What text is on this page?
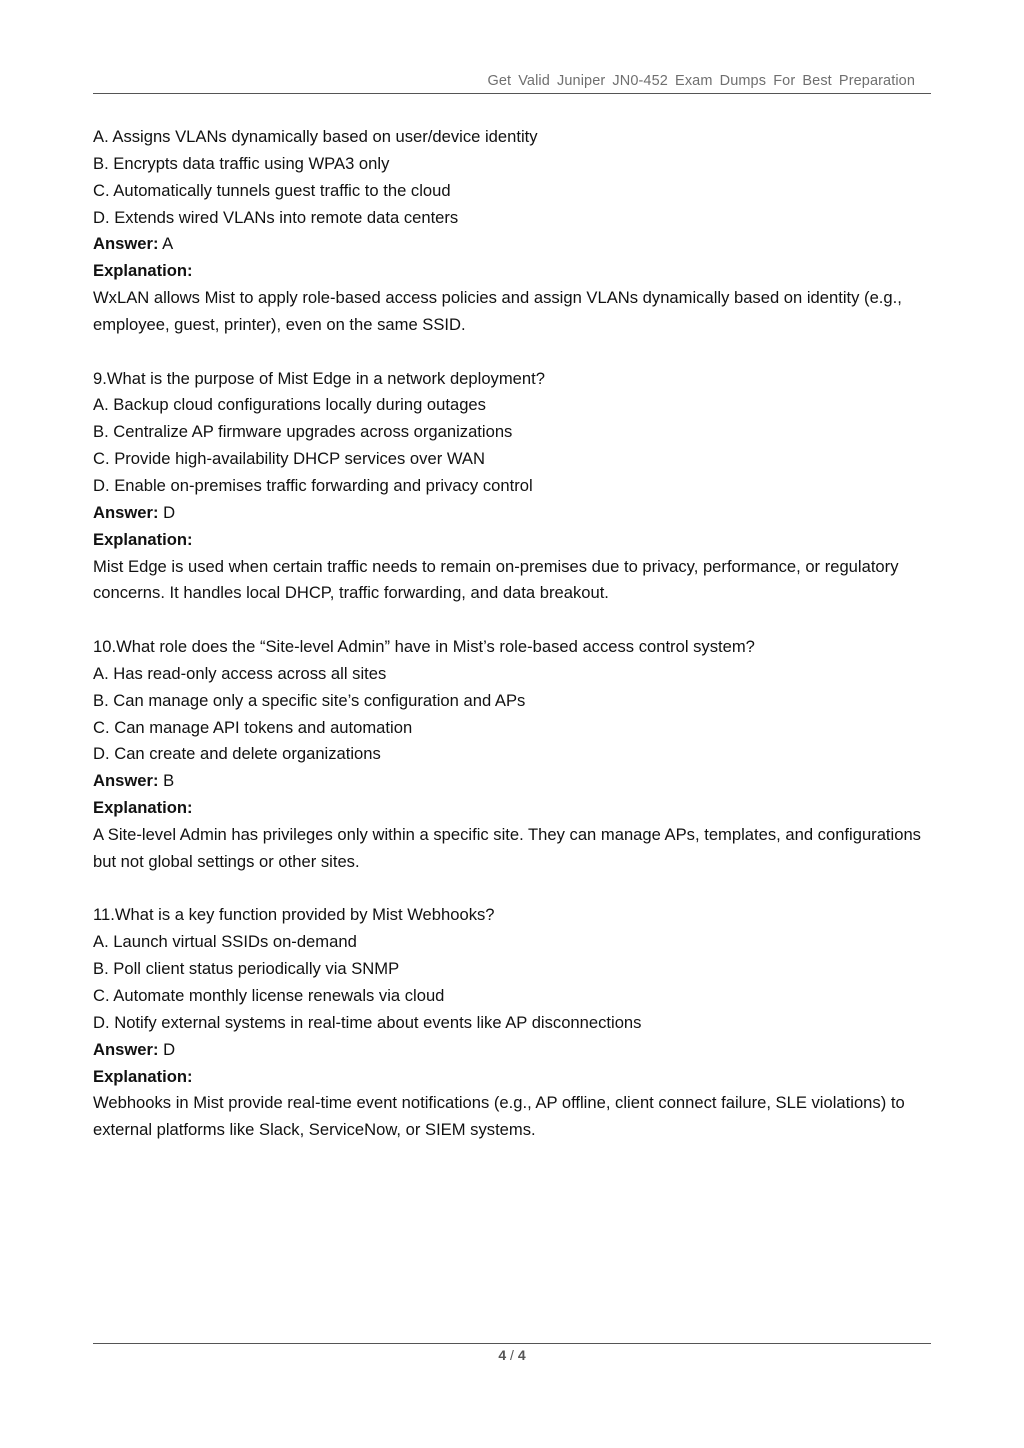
Get Valid Juniper JN0-452 Exam Dumps For Best Preparation
A. Assigns VLANs dynamically based on user/device identity
B. Encrypts data traffic using WPA3 only
C. Automatically tunnels guest traffic to the cloud
D. Extends wired VLANs into remote data centers
Answer: A
Explanation:
WxLAN allows Mist to apply role-based access policies and assign VLANs dynamically based on identity (e.g., employee, guest, printer), even on the same SSID.
9.What is the purpose of Mist Edge in a network deployment?
A. Backup cloud configurations locally during outages
B. Centralize AP firmware upgrades across organizations
C. Provide high-availability DHCP services over WAN
D. Enable on-premises traffic forwarding and privacy control
Answer: D
Explanation:
Mist Edge is used when certain traffic needs to remain on-premises due to privacy, performance, or regulatory concerns. It handles local DHCP, traffic forwarding, and data breakout.
10.What role does the “Site-level Admin” have in Mist’s role-based access control system?
A. Has read-only access across all sites
B. Can manage only a specific site’s configuration and APs
C. Can manage API tokens and automation
D. Can create and delete organizations
Answer: B
Explanation:
A Site-level Admin has privileges only within a specific site. They can manage APs, templates, and configurations but not global settings or other sites.
11.What is a key function provided by Mist Webhooks?
A. Launch virtual SSIDs on-demand
B. Poll client status periodically via SNMP
C. Automate monthly license renewals via cloud
D. Notify external systems in real-time about events like AP disconnections
Answer: D
Explanation:
Webhooks in Mist provide real-time event notifications (e.g., AP offline, client connect failure, SLE violations) to external platforms like Slack, ServiceNow, or SIEM systems.
4 / 4
